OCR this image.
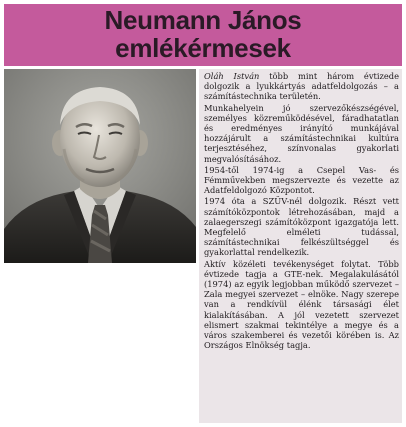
Neumann János
emlékérmesek

Oláh István több mint három évtizede dolgozik a lyukkártyás adatfeldolgozás – a számítástechnika területén.

Munkahelyein jó szervezőkészségével, személyes közreműködésével, fáradhatatlan és eredményes irányító munkájával hozzájárult a számítástechnikai kultúra terjesztéséhez, színvonalas gyakorlati megvalósításához.

1954-től 1974-ig a Csepel Vas- és Fémművekben megszervezte és vezette az Adatfeldolgozó Központot.

1974 óta a SZÜV-nél dolgozik. Részt vett számítóközpontok létrehozásában, majd a zalaegerszegi számítóközpont igazgatója lett. Megfelelő elméleti tudással, számítástechnikai felkészültséggel és gyakorlattal rendelkezik.

Aktív közéleti tevékenységet folytat. Több évtizede tagja a GTE-nek. Megalakulásától (1974) az egyik legjobban működő szervezet – Zala megyei szervezet – elnöke. Nagy szerepe van a rendkívül élénk társasági élet kialakításában. A jól vezetett szervezet elismert szakmai tekintélye a megye és a város szakemberei és vezetői körében is. Az Országos Elnökség tagja.
